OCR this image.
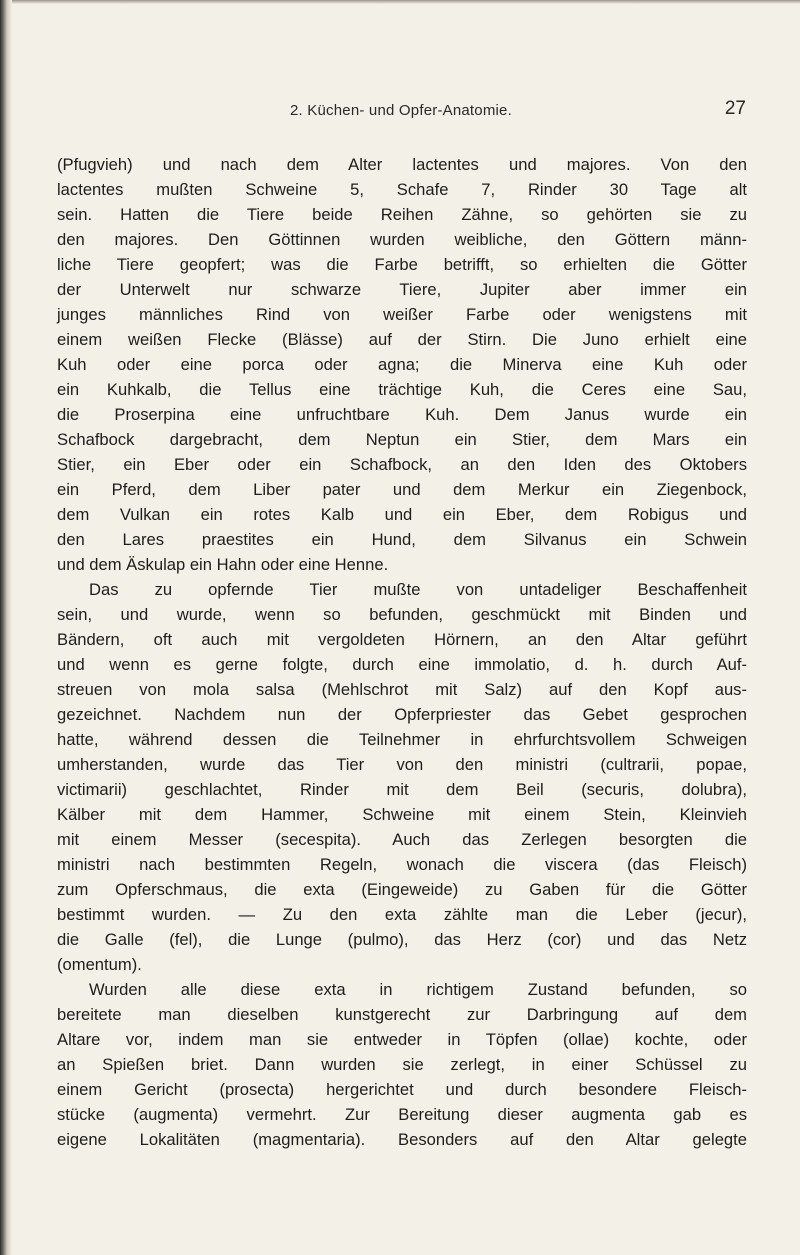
2. Küchen- und Opfer-Anatomie.	27
(Pfugvieh) und nach dem Alter lactentes und majores. Von den
lactentes mußten Schweine 5, Schafe 7, Rinder 30 Tage alt
sein. Hatten die Tiere beide Reihen Zähne, so gehörten sie zu
den majores. Den Göttinnen wurden weibliche, den Göttern männ-
liche Tiere geopfert; was die Farbe betrifft, so erhielten die Götter
der Unterwelt nur schwarze Tiere, Jupiter aber immer ein
junges männliches Rind von weißer Farbe oder wenigstens mit
einem weißen Flecke (Blässe) auf der Stirn. Die Juno erhielt eine
Kuh oder eine porca oder agna; die Minerva eine Kuh oder
ein Kuhkalb, die Tellus eine trächtige Kuh, die Ceres eine Sau,
die Proserpina eine unfruchtbare Kuh. Dem Janus wurde ein
Schafbock dargebracht, dem Neptun ein Stier, dem Mars ein
Stier, ein Eber oder ein Schafbock, an den Iden des Oktobers
ein Pferd, dem Liber pater und dem Merkur ein Ziegenbock,
dem Vulkan ein rotes Kalb und ein Eber, dem Robigus und
den Lares praestites ein Hund, dem Silvanus ein Schwein
und dem Äskulap ein Hahn oder eine Henne.
Das zu opfernde Tier mußte von untadeliger Beschaffenheit
sein, und wurde, wenn so befunden, geschmückt mit Binden und
Bändern, oft auch mit vergoldeten Hörnern, an den Altar geführt
und wenn es gerne folgte, durch eine immolatio, d. h. durch Auf-
streuen von mola salsa (Mehlschrot mit Salz) auf den Kopf aus-
gezeichnet. Nachdem nun der Opferpriester das Gebet gesprochen
hatte, während dessen die Teilnehmer in ehrfurchtsvollem Schweigen
umherstanden, wurde das Tier von den ministri (cultrarii, popae,
victimarii) geschlachtet, Rinder mit dem Beil (securis, dolubra),
Kälber mit dem Hammer, Schweine mit einem Stein, Kleinvieh
mit einem Messer (secespita). Auch das Zerlegen besorgten die
ministri nach bestimmten Regeln, wonach die viscera (das Fleisch)
zum Opferschmaus, die exta (Eingeweide) zu Gaben für die Götter
bestimmt wurden. — Zu den exta zählte man die Leber (jecur),
die Galle (fel), die Lunge (pulmo), das Herz (cor) und das Netz
(omentum).
Wurden alle diese exta in richtigem Zustand befunden, so
bereitete man dieselben kunstgerecht zur Darbringung auf dem
Altare vor, indem man sie entweder in Töpfen (ollae) kochte, oder
an Spießen briet. Dann wurden sie zerlegt, in einer Schüssel zu
einem Gericht (prosecta) hergerichtet und durch besondere Fleisch-
stücke (augmenta) vermehrt. Zur Bereitung dieser augmenta gab es
eigene Lokalitäten (magmentaria). Besonders auf den Altar gelegte
